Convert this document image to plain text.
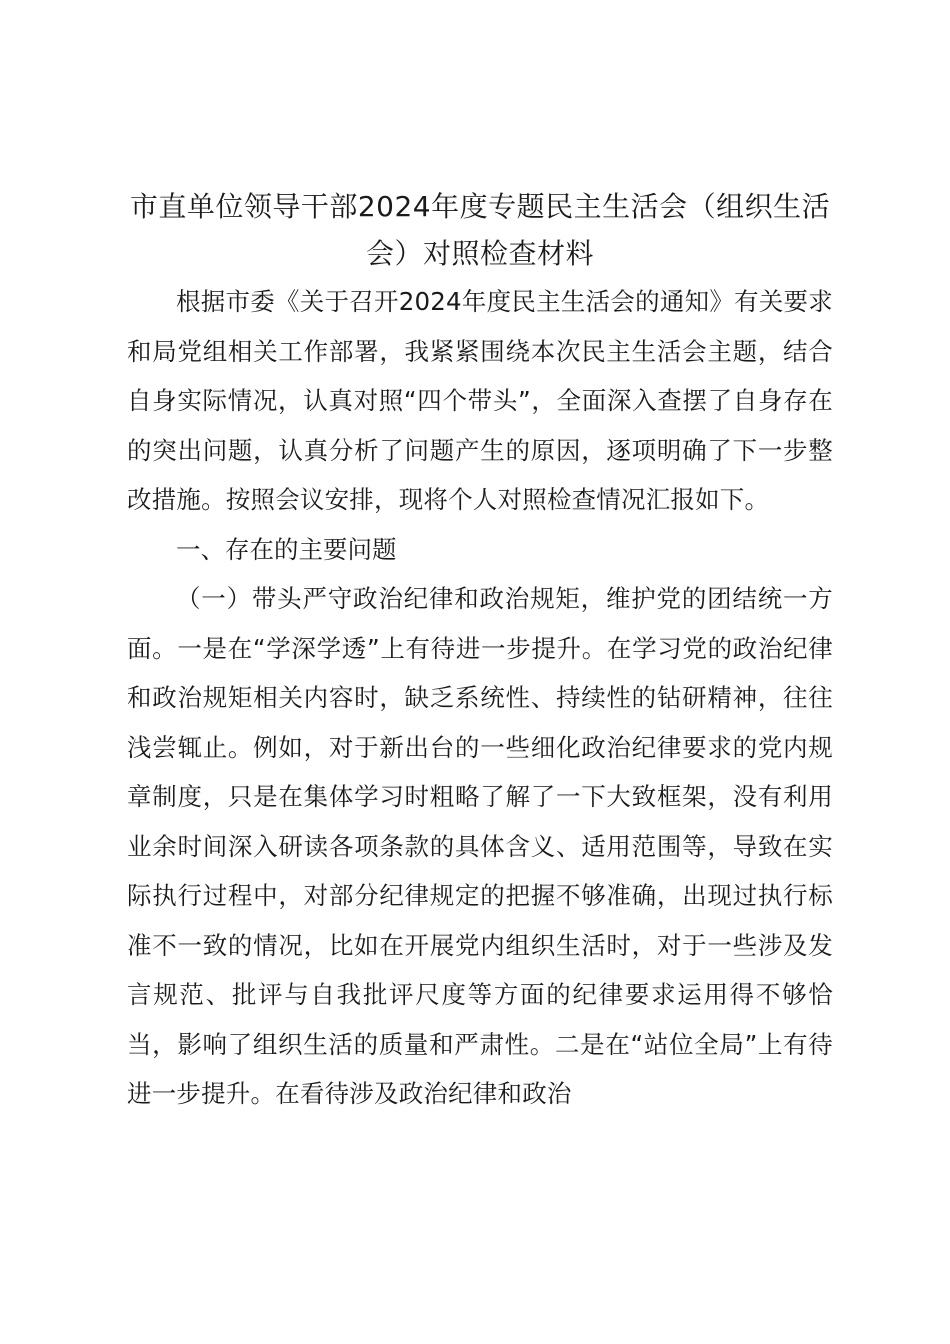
市直单位领导干部2024年度专题民主生活会（组织生活会）对照检查材料

根据市委《关于召开2024年度民主生活会的通知》有关要求和局党组相关工作部署，我紧紧围绕本次民主生活会主题，结合自身实际情况，认真对照“四个带头”，全面深入查摆了自身存在的突出问题，认真分析了问题产生的原因，逐项明确了下一步整改措施。按照会议安排，现将个人对照检查情况汇报如下。

一、存在的主要问题

（一）带头严守政治纪律和政治规矩，维护党的团结统一方面。一是在“学深学透”上有待进一步提升。在学习党的政治纪律和政治规矩相关内容时，缺乏系统性、持续性的钻研精神，往往浅尝辄止。例如，对于新出台的一些细化政治纪律要求的党内规章制度，只是在集体学习时粗略了解了一下大致框架，没有利用业余时间深入研读各项条款的具体含义、适用范围等，导致在实际执行过程中，对部分纪律规定的把握不够准确，出现过执行标准不一致的情况，比如在开展党内组织生活时，对于一些涉及发言规范、批评与自我批评尺度等方面的纪律要求运用得不够恰当，影响了组织生活的质量和严肃性。二是在“站位全局”上有待进一步提升。在看待涉及政治纪律和政治
